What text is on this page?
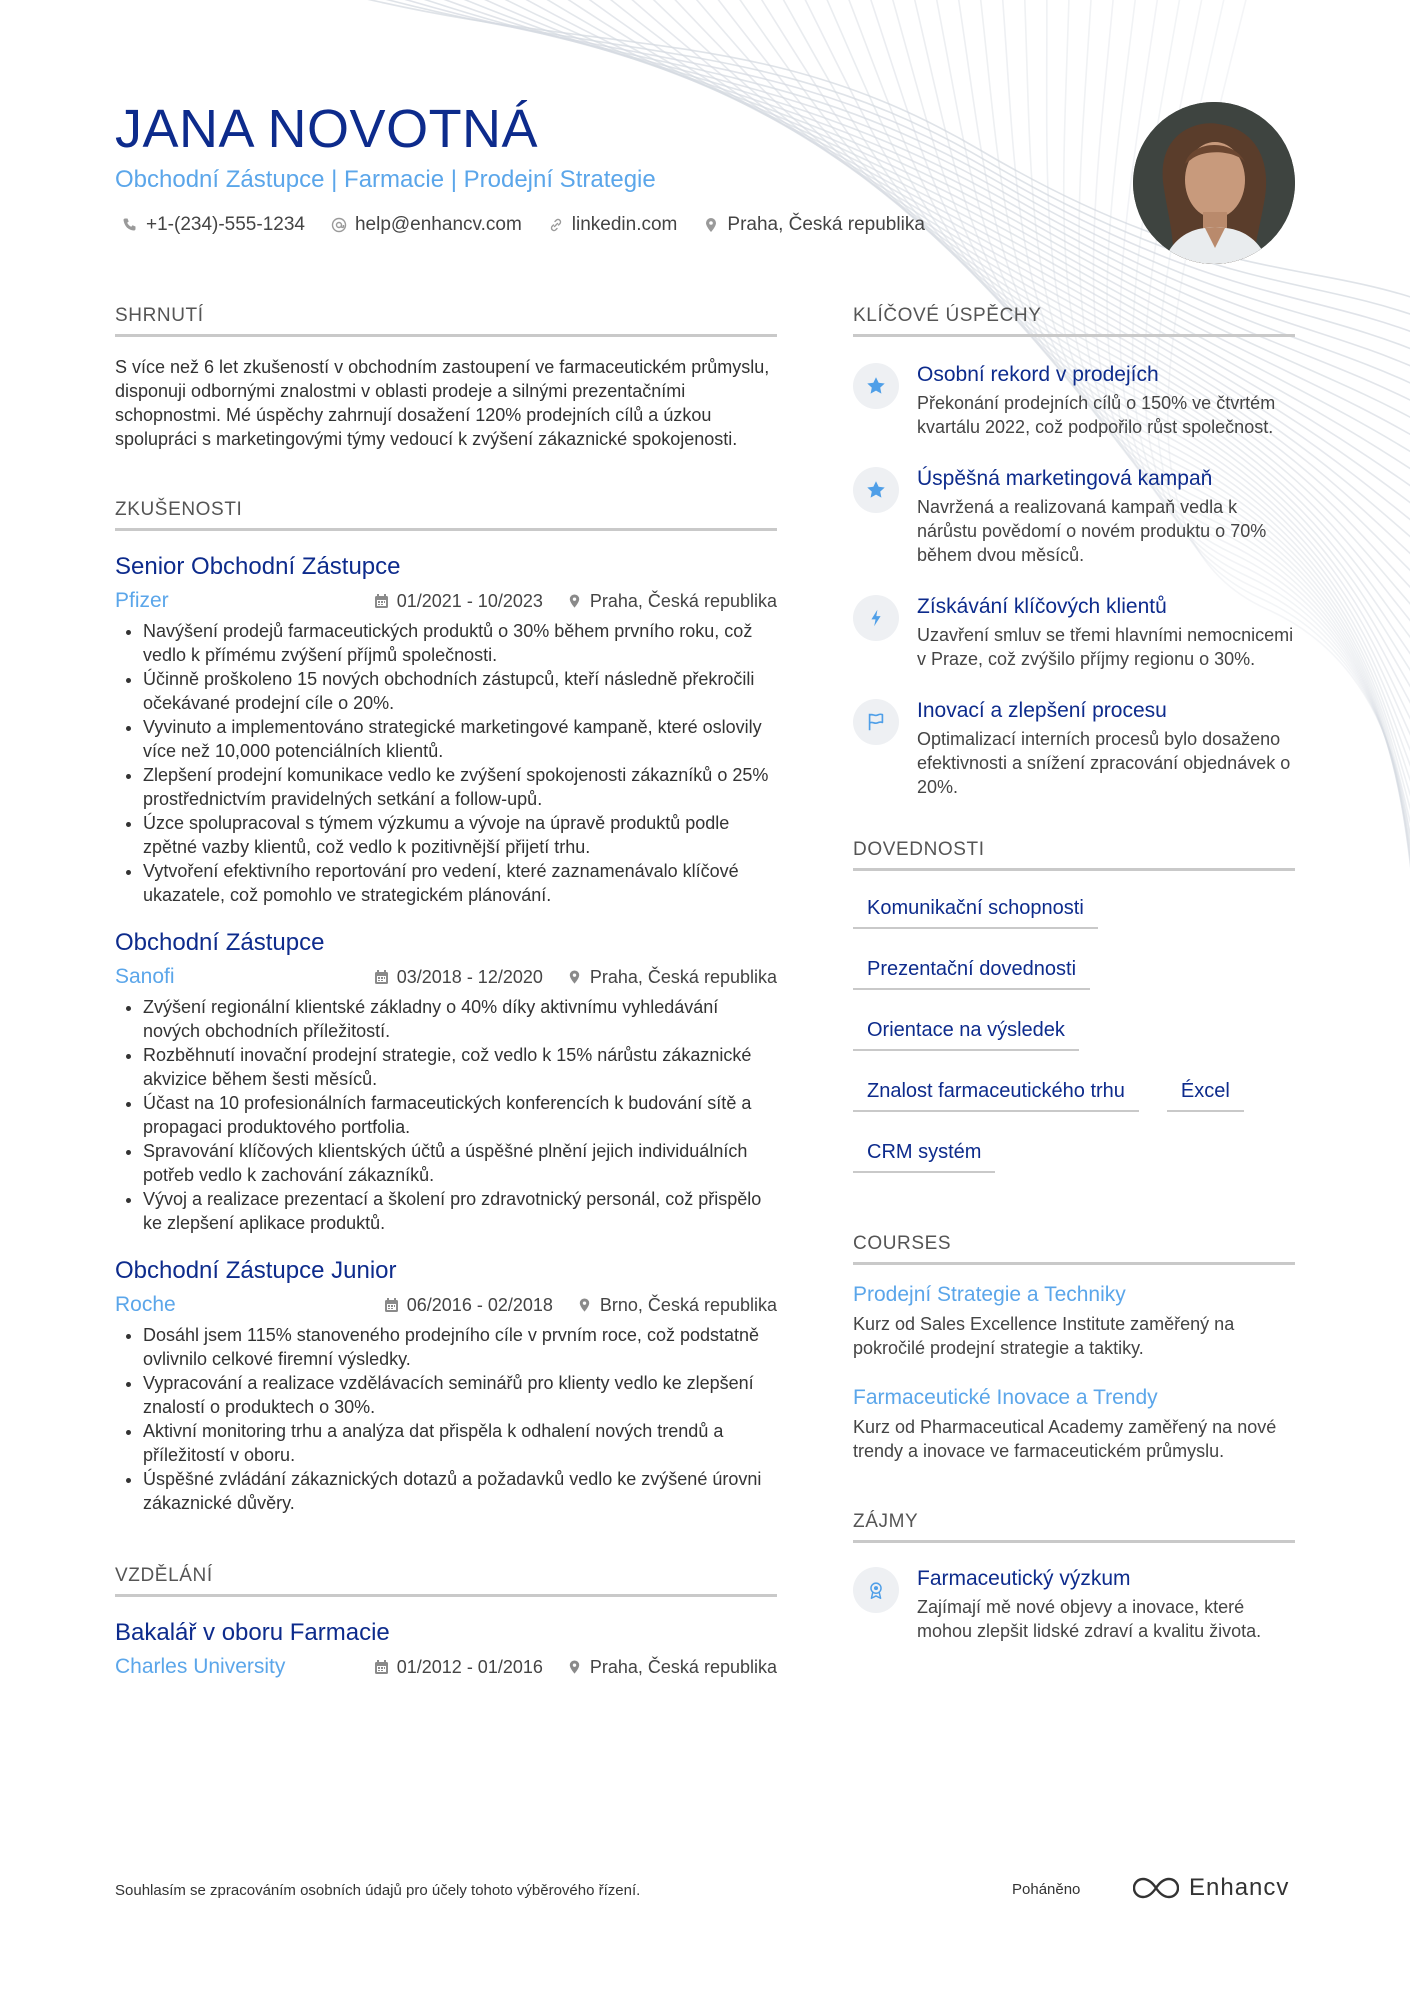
JANA NOVOTNÁ
Obchodní Zástupce | Farmacie | Prodejní Strategie
+1-(234)-555-1234	help@enhancv.com	linkedin.com	Praha, Česká republika
SHRNUTÍ
S více než 6 let zkušeností v obchodním zastoupení ve farmaceutickém průmyslu, disponuji odbornými znalostmi v oblasti prodeje a silnými prezentačními schopnostmi. Mé úspěchy zahrnují dosažení 120% prodejních cílů a úzkou spolupráci s marketingovými týmy vedoucí k zvýšení zákaznické spokojenosti.
ZKUŠENOSTI
Senior Obchodní Zástupce
Pfizer	01/2021 - 10/2023	Praha, Česká republika
• Navýšení prodejů farmaceutických produktů o 30% během prvního roku, což vedlo k přímému zvýšení příjmů společnosti.
• Účinně proškoleno 15 nových obchodních zástupců, kteří následně překročili očekávané prodejní cíle o 20%.
• Vyvinuto a implementováno strategické marketingové kampaně, které oslovily více než 10,000 potenciálních klientů.
• Zlepšení prodejní komunikace vedlo ke zvýšení spokojenosti zákazníků o 25% prostřednictvím pravidelných setkání a follow-upů.
• Úzce spolupracoval s týmem výzkumu a vývoje na úpravě produktů podle zpětné vazby klientů, což vedlo k pozitivnější přijetí trhu.
• Vytvoření efektivního reportování pro vedení, které zaznamenávalo klíčové ukazatele, což pomohlo ve strategickém plánování.
Obchodní Zástupce
Sanofi	03/2018 - 12/2020	Praha, Česká republika
• Zvýšení regionální klientské základny o 40% díky aktivnímu vyhledávání nových obchodních příležitostí.
• Rozběhnutí inovační prodejní strategie, což vedlo k 15% nárůstu zákaznické akvizice během šesti měsíců.
• Účast na 10 profesionálních farmaceutických konferencích k budování sítě a propagaci produktového portfolia.
• Spravování klíčových klientských účtů a úspěšné plnění jejich individuálních potřeb vedlo k zachování zákazníků.
• Vývoj a realizace prezentací a školení pro zdravotnický personál, což přispělo ke zlepšení aplikace produktů.
Obchodní Zástupce Junior
Roche	06/2016 - 02/2018	Brno, Česká republika
• Dosáhl jsem 115% stanoveného prodejního cíle v prvním roce, což podstatně ovlivnilo celkové firemní výsledky.
• Vypracování a realizace vzdělávacích seminářů pro klienty vedlo ke zlepšení znalostí o produktech o 30%.
• Aktivní monitoring trhu a analýza dat přispěla k odhalení nových trendů a příležitostí v oboru.
• Úspěšné zvládání zákaznických dotazů a požadavků vedlo ke zvýšené úrovni zákaznické důvěry.
VZDĚLÁNÍ
Bakalář v oboru Farmacie
Charles University	01/2012 - 01/2016	Praha, Česká republika
KLÍČOVÉ ÚSPĚCHY
Osobní rekord v prodejích
Překonání prodejních cílů o 150% ve čtvrtém kvartálu 2022, což podpořilo růst společnost.
Úspěšná marketingová kampaň
Navržená a realizovaná kampaň vedla k nárůstu povědomí o novém produktu o 70% během dvou měsíců.
Získávání klíčových klientů
Uzavření smluv se třemi hlavními nemocnicemi v Praze, což zvýšilo příjmy regionu o 30%.
Inovací a zlepšení procesu
Optimalizací interních procesů bylo dosaženo efektivnosti a snížení zpracování objednávek o 20%.
DOVEDNOSTI
Komunikační schopnosti
Prezentační dovednosti
Orientace na výsledek
Znalost farmaceutického trhu	Éxcel
CRM systém
COURSES
Prodejní Strategie a Techniky
Kurz od Sales Excellence Institute zaměřený na pokročilé prodejní strategie a taktiky.
Farmaceutické Inovace a Trendy
Kurz od Pharmaceutical Academy zaměřený na nové trendy a inovace ve farmaceutickém průmyslu.
ZÁJMY
Farmaceutický výzkum
Zajímají mě nové objevy a inovace, které mohou zlepšit lidské zdraví a kvalitu života.
Souhlasím se zpracováním osobních údajů pro účely tohoto výběrového řízení.	Poháněno	Enhancv
